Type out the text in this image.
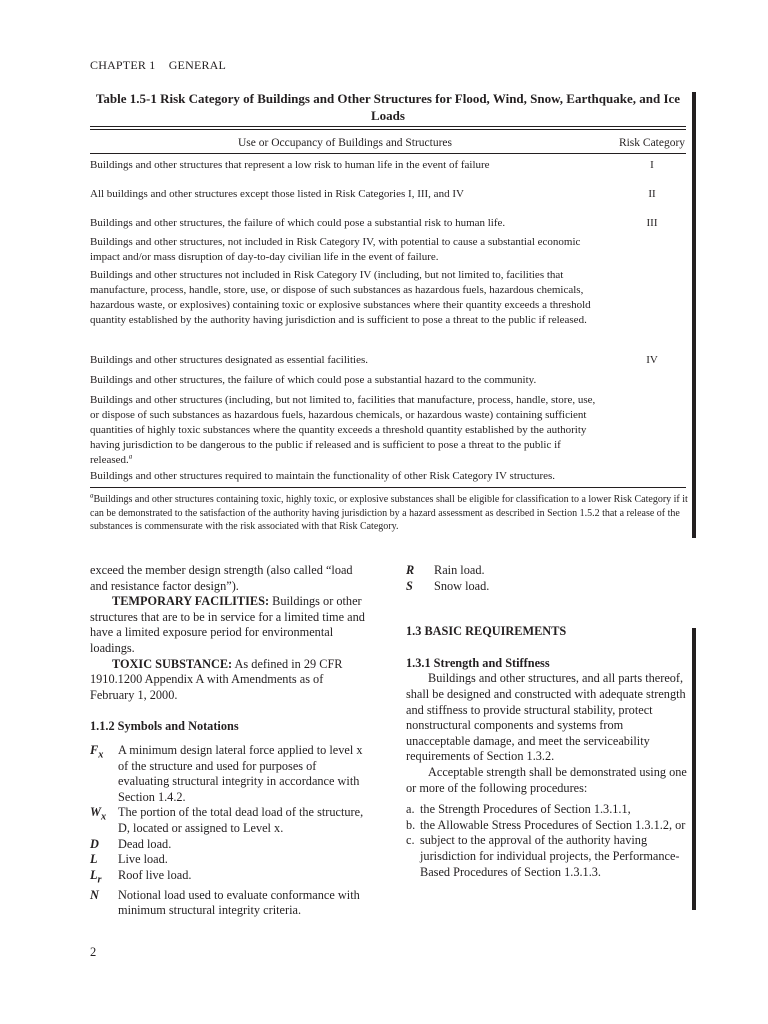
CHAPTER 1 GENERAL
Table 1.5-1 Risk Category of Buildings and Other Structures for Flood, Wind, Snow, Earthquake, and Ice Loads
Use or Occupancy of Buildings and Structures	Risk Category
Buildings and other structures that represent a low risk to human life in the event of failure	I
All buildings and other structures except those listed in Risk Categories I, III, and IV	II
Buildings and other structures, the failure of which could pose a substantial risk to human life.	III
Buildings and other structures, not included in Risk Category IV, with potential to cause a substantial economic impact and/or mass disruption of day-to-day civilian life in the event of failure.
Buildings and other structures not included in Risk Category IV (including, but not limited to, facilities that manufacture, process, handle, store, use, or dispose of such substances as hazardous fuels, hazardous chemicals, hazardous waste, or explosives) containing toxic or explosive substances where their quantity exceeds a threshold quantity established by the authority having jurisdiction and is sufficient to pose a threat to the public if released.
Buildings and other structures designated as essential facilities.	IV
Buildings and other structures, the failure of which could pose a substantial hazard to the community.
Buildings and other structures (including, but not limited to, facilities that manufacture, process, handle, store, use, or dispose of such substances as hazardous fuels, hazardous chemicals, or hazardous waste) containing sufficient quantities of highly toxic substances where the quantity exceeds a threshold quantity established by the authority having jurisdiction to be dangerous to the public if released and is sufficient to pose a threat to the public if released.$^a$
Buildings and other structures required to maintain the functionality of other Risk Category IV structures.
$^a$Buildings and other structures containing toxic, highly toxic, or explosive substances shall be eligible for classification to a lower Risk Category if it can be demonstrated to the satisfaction of the authority having jurisdiction by a hazard assessment as described in Section 1.5.2 that a release of the substances is commensurate with the risk associated with that Risk Category.

exceed the member design strength (also called “load and resistance factor design”).

TEMPORARY FACILITIES: Buildings or other structures that are to be in service for a limited time and have a limited exposure period for environmental loadings.

TOXIC SUBSTANCE: As defined in 29 CFR 1910.1200 Appendix A with Amendments as of February 1, 2000.

1.1.2 Symbols and Notations

$F_x$	A minimum design lateral force applied to level x of the structure and used for purposes of evaluating structural integrity in accordance with Section 1.4.2.
$W_x$ The portion of the total dead load of the structure, D, located or assigned to Level x.
D	Dead load.
L	Live load.
$L_r$	Roof live load.
N	Notional load used to evaluate conformance with minimum structural integrity criteria.
R	Rain load.
S	Snow load.

1.3 BASIC REQUIREMENTS

1.3.1 Strength and Stiffness

Buildings and other structures, and all parts thereof, shall be designed and constructed with adequate strength and stiffness to provide structural stability, protect nonstructural components and systems from unacceptable damage, and meet the serviceability requirements of Section 1.3.2.

Acceptable strength shall be demonstrated using one or more of the following procedures:

a. the Strength Procedures of Section 1.3.1.1,
b. the Allowable Stress Procedures of Section 1.3.1.2, or
c. subject to the approval of the authority having jurisdiction for individual projects, the Performance-Based Procedures of Section 1.3.1.3.
2
